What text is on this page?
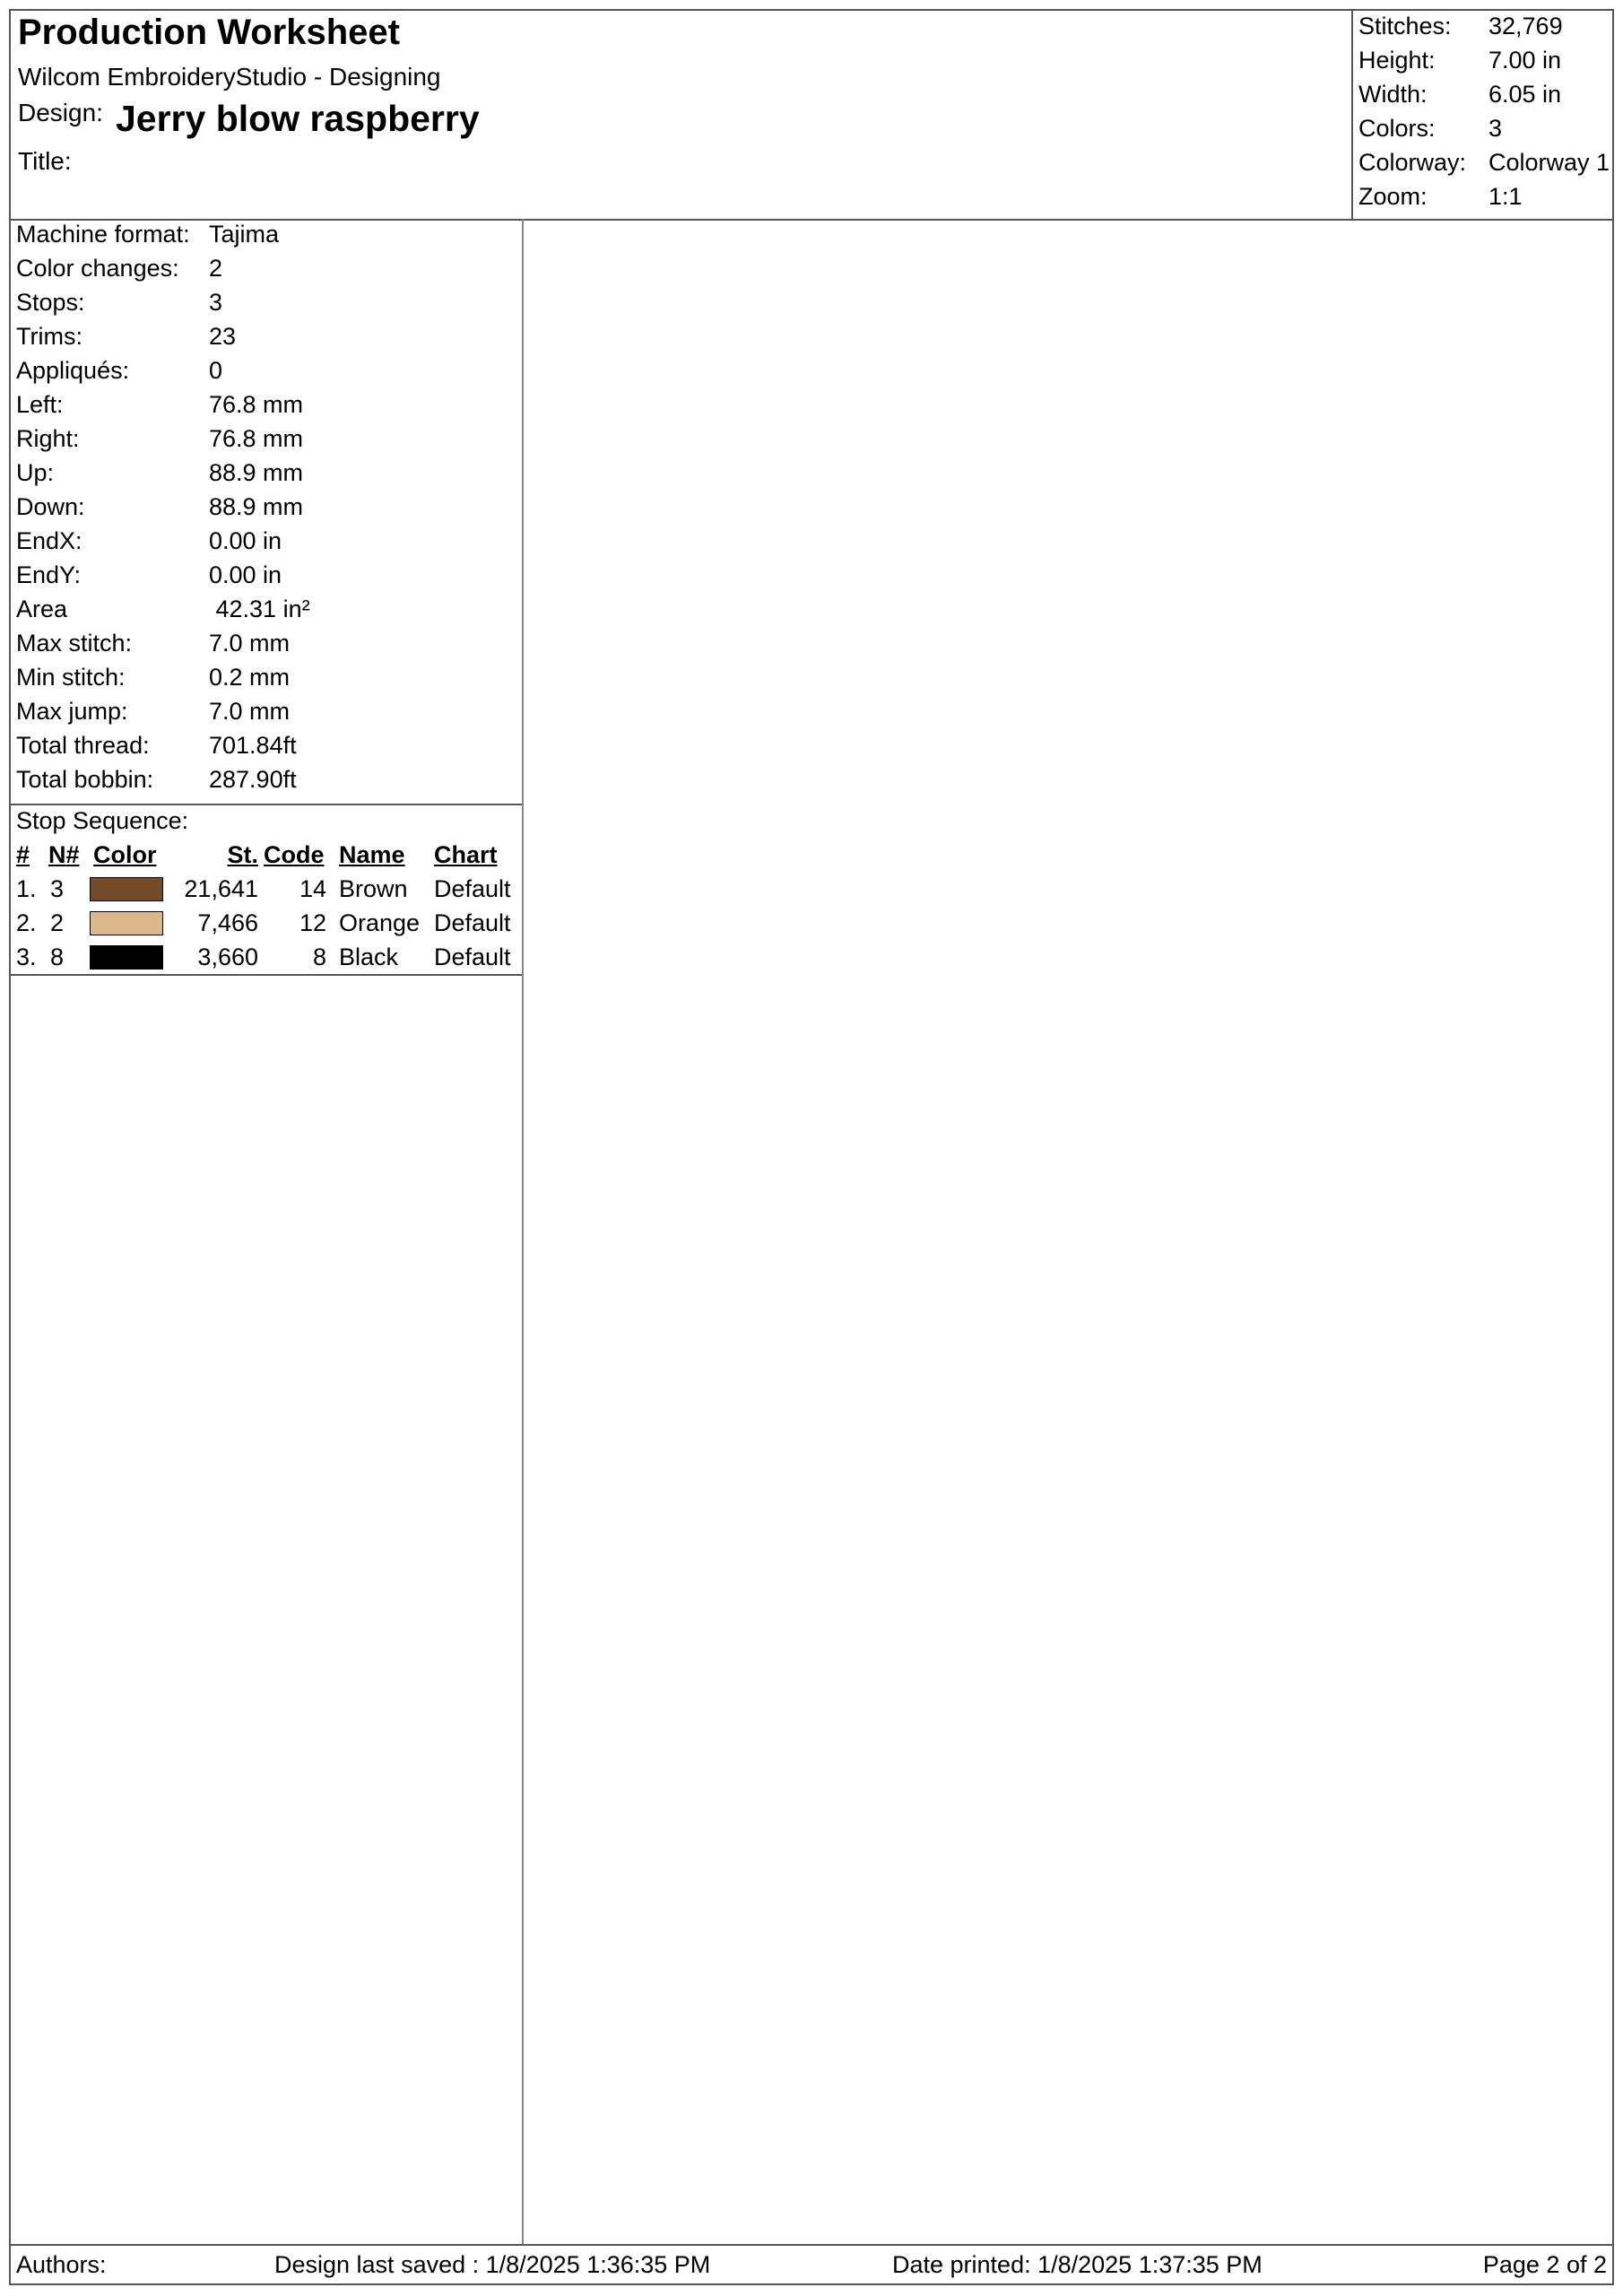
Production Worksheet
Wilcom EmbroideryStudio - Designing
Design: Jerry blow raspberry
Title:
Stitches: 32,769
Height: 7.00 in
Width:	6.05 in
Colors: 3
Colorway: Colorway 1
Zoom:	1:1
Machine format: Tajima
Color changes: 2
Stops:	3
Trims:	23
Appliqués:	0
Left:	76.8 mm
Right:	76.8 mm
Up:	88.9 mm
Down:	88.9 mm
EndX:	0.00 in
EndY:	0.00 in
Area	42.31 in²
Max stitch:	7.0 mm
Min stitch:	0.2 mm
Max jump:	7.0 mm
Total thread: 701.84ft
Total bobbin: 287.90ft
Stop Sequence:
# N# Color	St. Code Name Chart
1. 3	21,641	14 Brown Default
2. 2	7,466	12 Orange Default
3. 8	3,660	8 Black Default
Authors:	Design last saved : 1/8/2025 1:36:35 PM	Date printed: 1/8/2025 1:37:35 PM	Page 2 of 2
